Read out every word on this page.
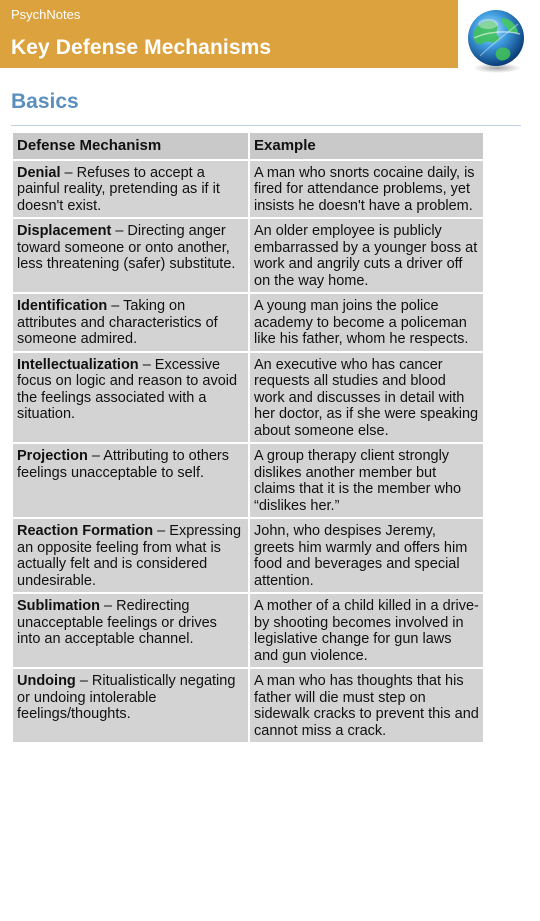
PsychNotes
Key Defense Mechanisms
Basics
Defense Mechanism	Example
Denial – Refuses to accept a painful reality, pretending as if it doesn't exist.	A man who snorts cocaine daily, is fired for attendance problems, yet insists he doesn't have a problem.
Displacement – Directing anger toward someone or onto another, less threatening (safer) substitute.	An older employee is publicly embarrassed by a younger boss at work and angrily cuts a driver off on the way home.
Identification – Taking on attributes and characteristics of someone admired.	A young man joins the police academy to become a policeman like his father, whom he respects.
Intellectualization – Excessive focus on logic and reason to avoid the feelings associated with a situation.	An executive who has cancer requests all studies and blood work and discusses in detail with her doctor, as if she were speaking about someone else.
Projection – Attributing to others feelings unacceptable to self.	A group therapy client strongly dislikes another member but claims that it is the member who “dislikes her.”
Reaction Formation – Expressing an opposite feeling from what is actually felt and is considered undesirable.	John, who despises Jeremy, greets him warmly and offers him food and beverages and special attention.
Sublimation – Redirecting unacceptable feelings or drives into an acceptable channel.	A mother of a child killed in a drive-by shooting becomes involved in legislative change for gun laws and gun violence.
Undoing – Ritualistically negating or undoing intolerable feelings/thoughts.	A man who has thoughts that his father will die must step on sidewalk cracks to prevent this and cannot miss a crack.
